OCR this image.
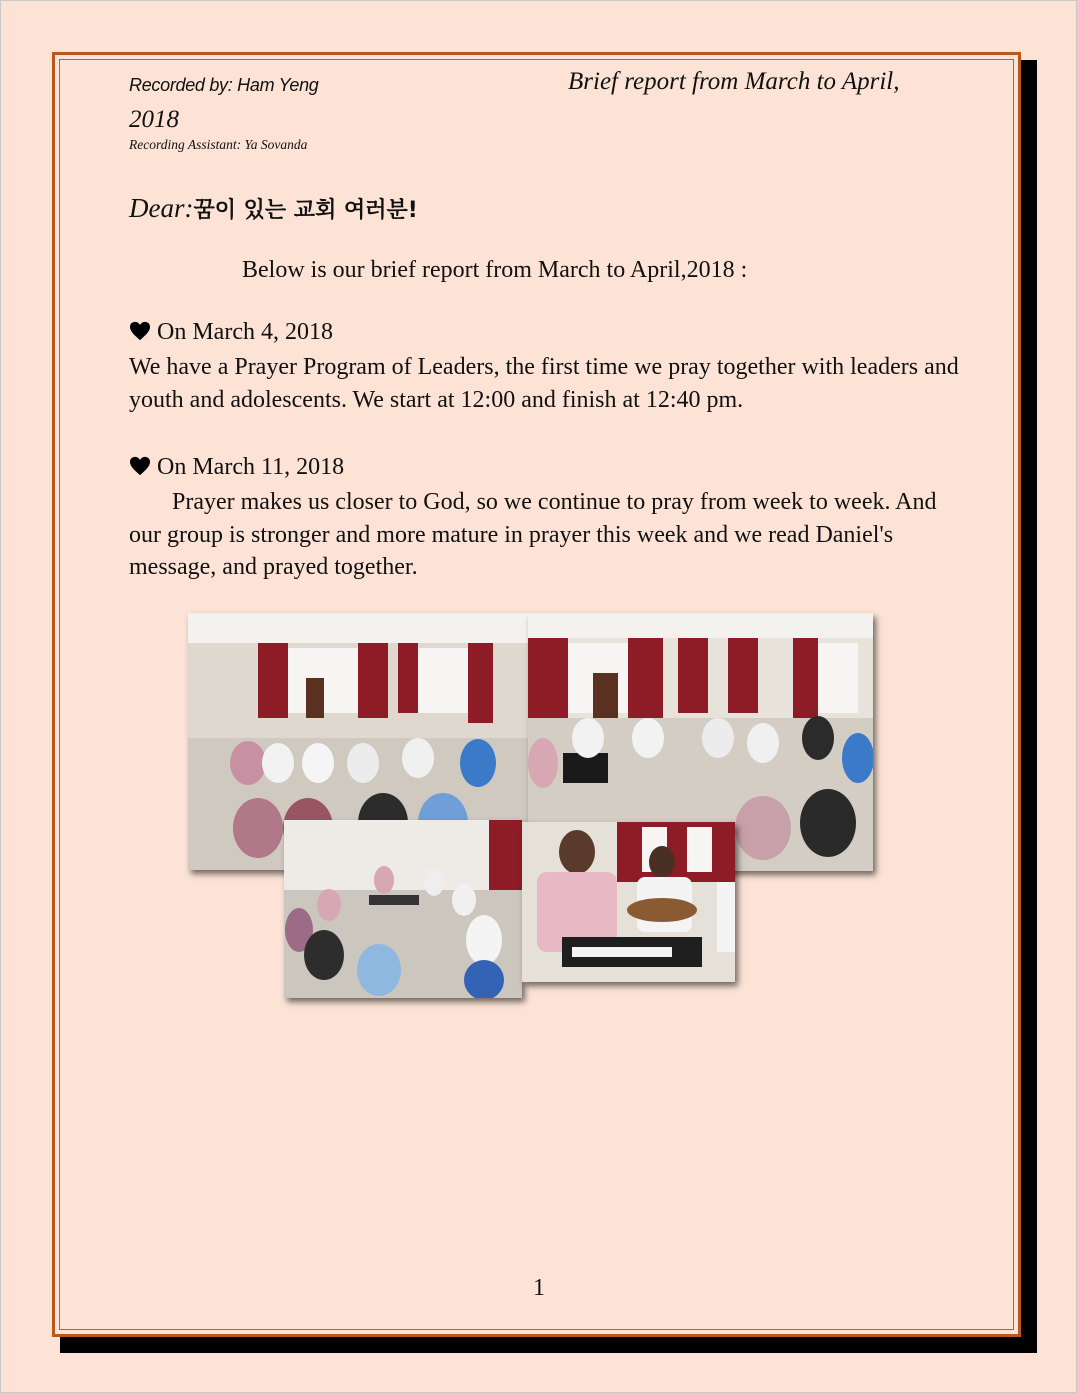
Recorded by: Ham Yeng	Brief report from March to April,
2018
Recording Assistant: Ya Sovanda
Dear:꿈이 있는 교회 여러분!
Below is our brief report from March to April,2018 :
On March 4, 2018
We have a Prayer Program of Leaders, the first time we pray together with leaders and youth and adolescents. We start at 12:00 and finish at 12:40 pm.
On March 11, 2018
Prayer makes us closer to God, so we continue to pray from week to week. And our group is stronger and more mature in prayer this week and we read Daniel's message, and prayed together.
1
